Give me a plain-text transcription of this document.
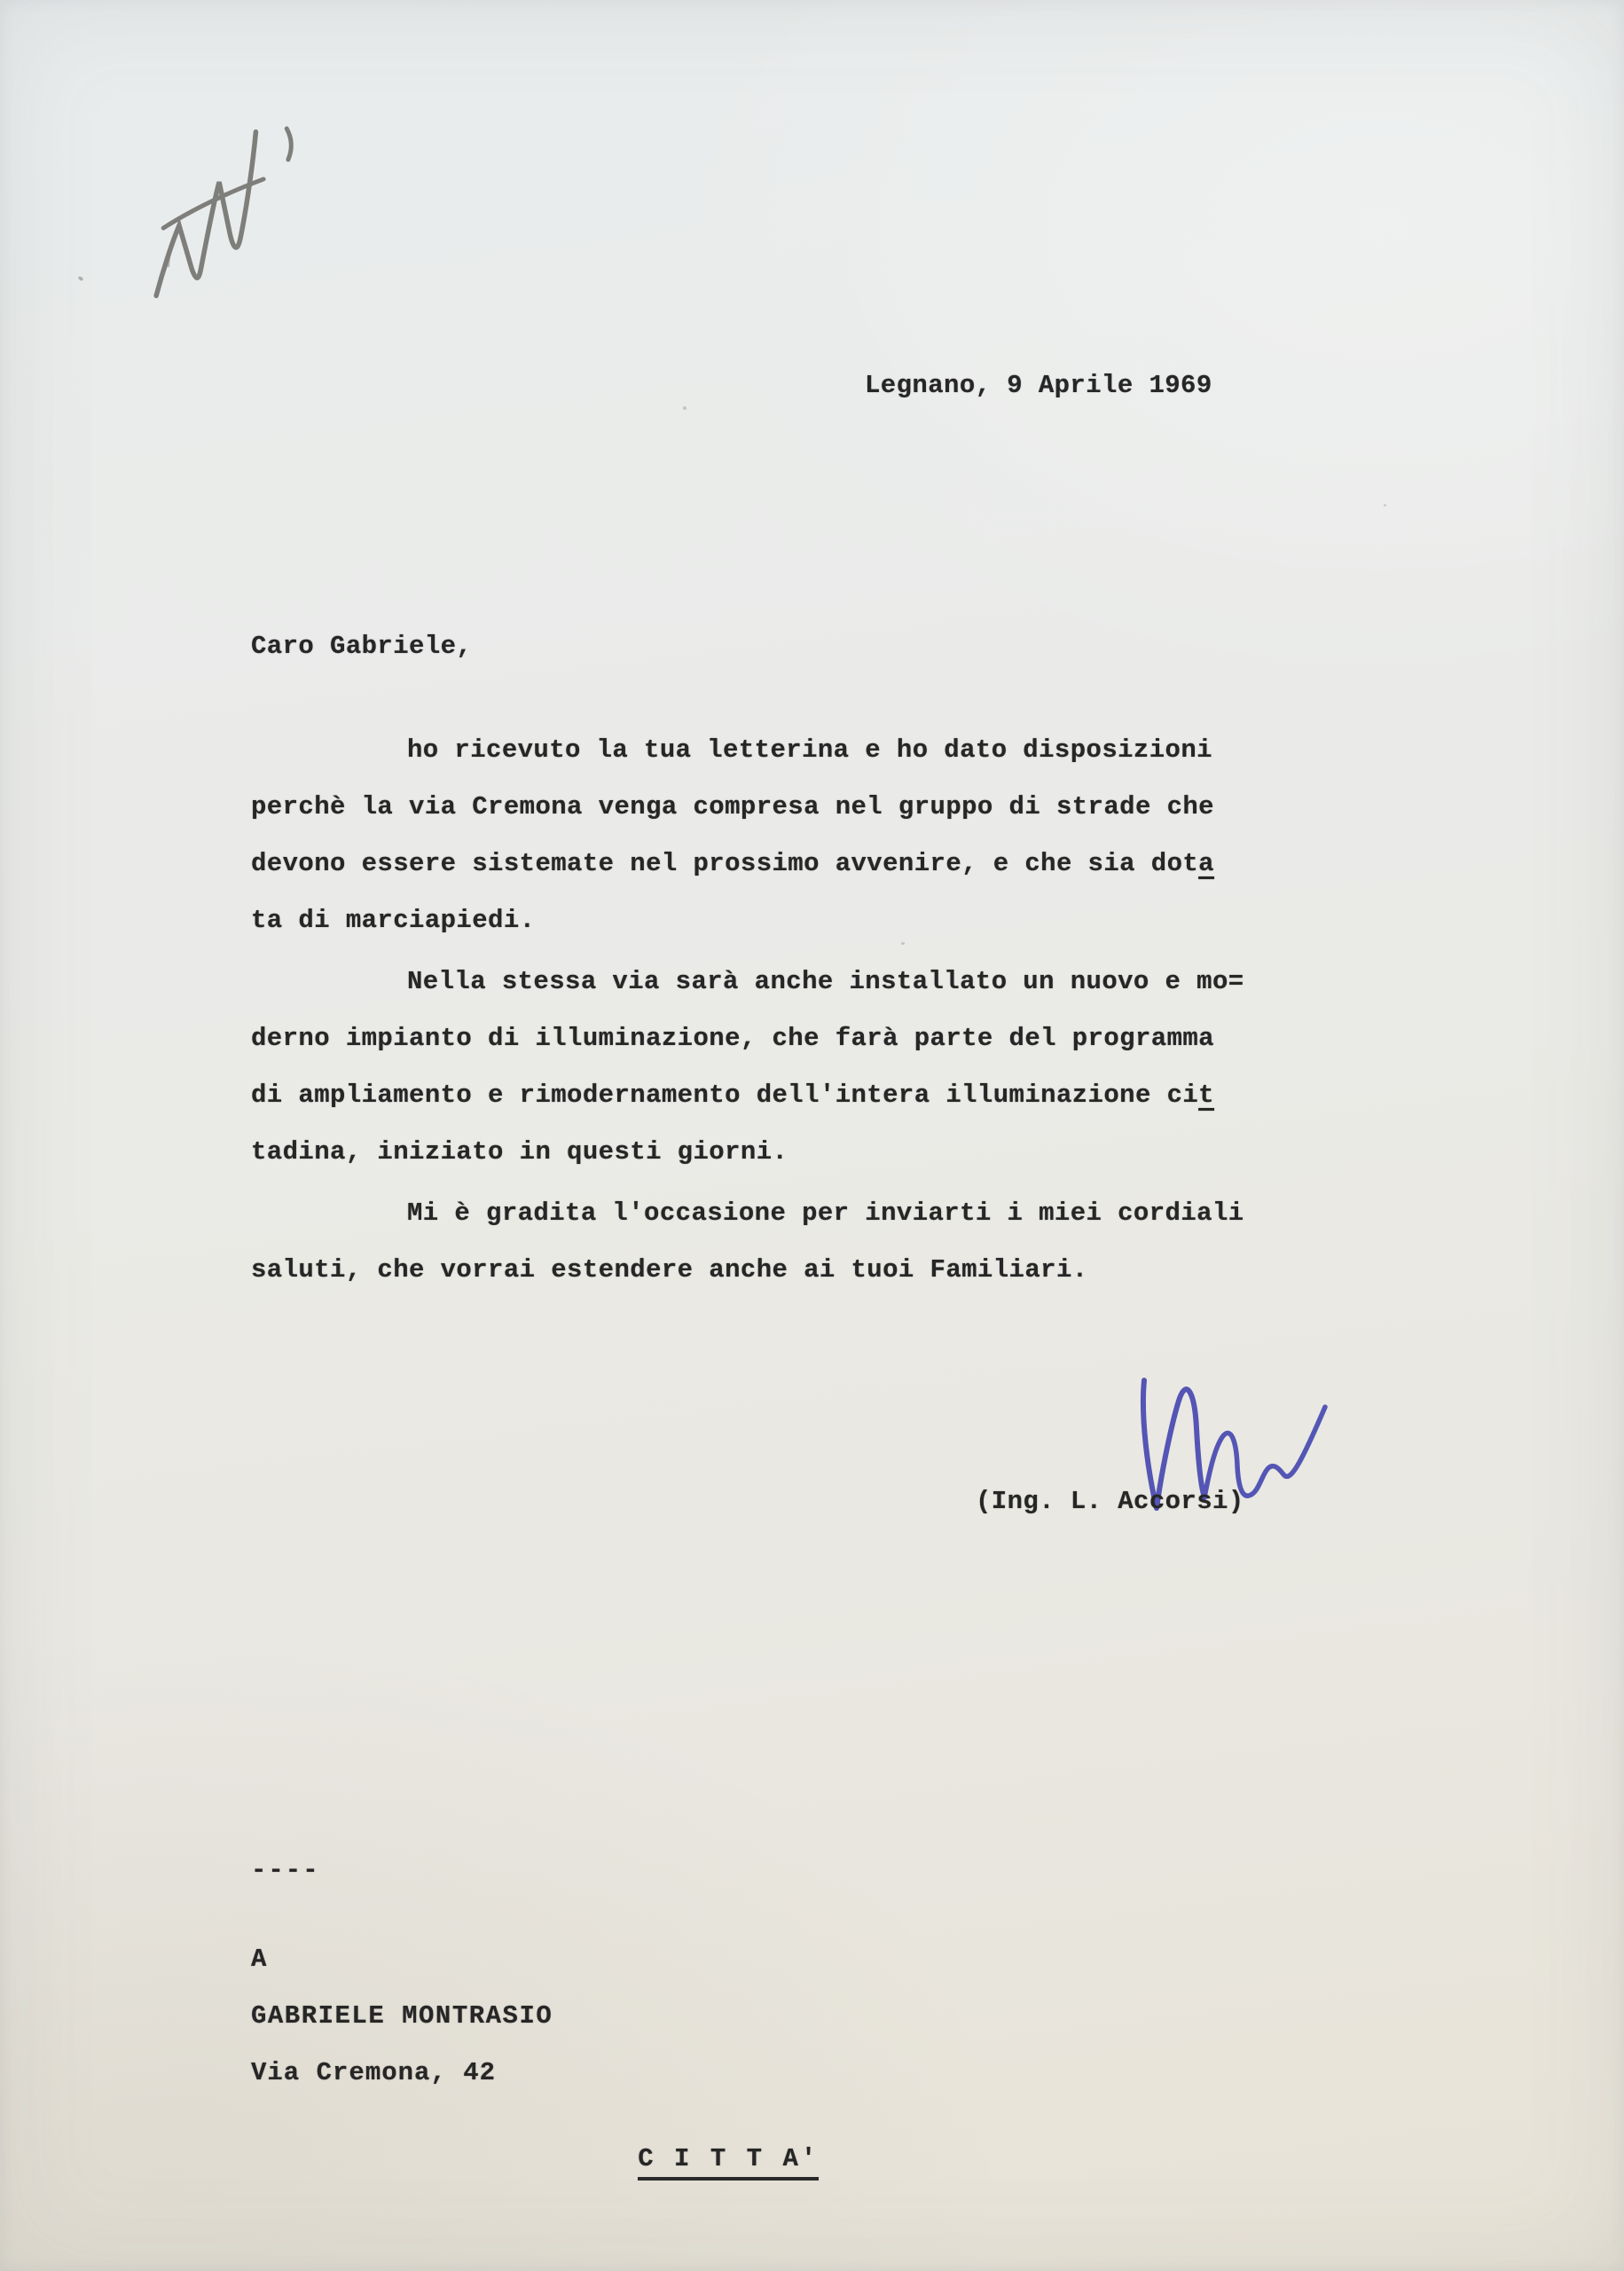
Legnano, 9 Aprile 1969
Caro Gabriele,
ho ricevuto la tua letterina e ho dato disposizioni
perchè la via Cremona venga compresa nel gruppo di strade che
devono essere sistemate nel prossimo avvenire, e che sia dota
ta di marciapiedi.
Nella stessa via sarà anche installato un nuovo e mo=
derno impianto di illuminazione, che farà parte del programma
di ampliamento e rimodernamento dell'intera illuminazione cit
tadina, iniziato in questi giorni.
Mi è gradita l'occasione per inviarti i miei cordiali
saluti, che vorrai estendere anche ai tuoi Familiari.
(Ing. L. Accorsi)
----
A
GABRIELE MONTRASIO
Via Cremona, 42

C I T T A'
